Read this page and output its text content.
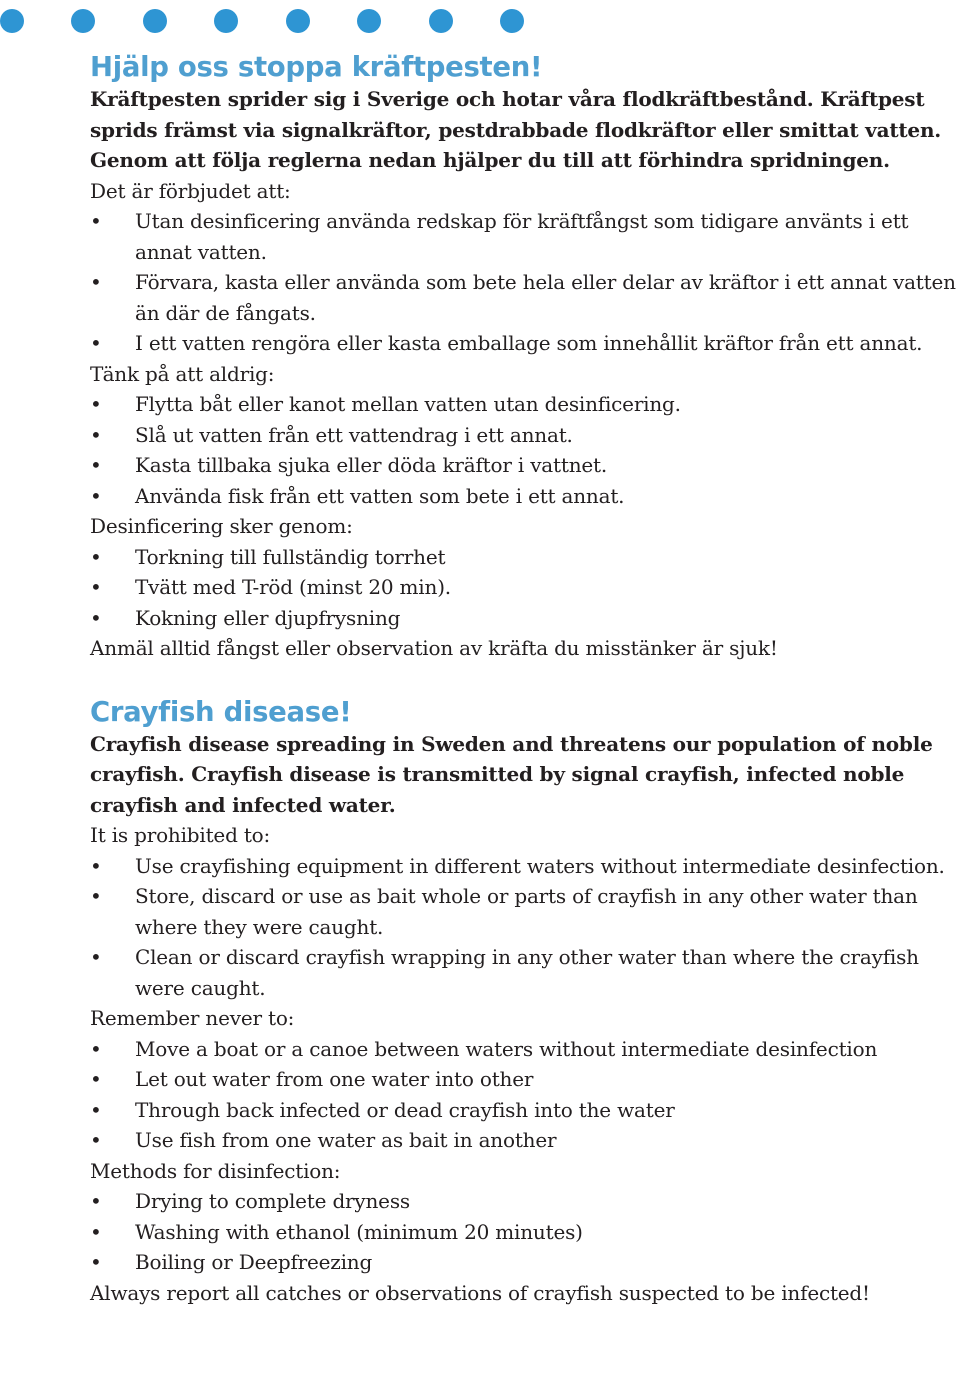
Hjälp oss stoppa kräftpesten!

Kräftpesten sprider sig i Sverige och hotar våra flodkräftbestånd. Kräftpest sprids främst via signalkräftor, pestdrabbade flodkräftor eller smittat vatten. Genom att följa reglerna nedan hjälper du till att förhindra spridningen.

Det är förbjudet att:

• Utan desinficering använda redskap för kräftfångst som tidigare använts i ett annat vatten.
• Förvara, kasta eller använda som bete hela eller delar av kräftor i ett annat vatten än där de fångats.
• I ett vatten rengöra eller kasta emballage som innehållit kräftor från ett annat.

Tänk på att aldrig:

• Flytta båt eller kanot mellan vatten utan desinficering.
• Slå ut vatten från ett vattendrag i ett annat.
• Kasta tillbaka sjuka eller döda kräftor i vattnet.
• Använda fisk från ett vatten som bete i ett annat.

Desinficering sker genom:

• Torkning till fullständig torrhet
• Tvätt med T-röd (minst 20 min).
• Kokning eller djupfrysning

Anmäl alltid fångst eller observation av kräfta du misstänker är sjuk!

Crayfish disease!

Crayfish disease spreading in Sweden and threatens our population of noble crayfish. Crayfish disease is transmitted by signal crayfish, infected noble crayfish and infected water.

It is prohibited to:

• Use crayfishing equipment in different waters without intermediate desinfection.
• Store, discard or use as bait whole or parts of crayfish in any other water than where they were caught.
• Clean or discard crayfish wrapping in any other water than where the crayfish were caught.

Remember never to:

• Move a boat or a canoe between waters without intermediate desinfection
• Let out water from one water into other
• Through back infected or dead crayfish into the water
• Use fish from one water as bait in another

Methods for disinfection:

• Drying to complete dryness
• Washing with ethanol (minimum 20 minutes)
• Boiling or Deepfreezing

Always report all catches or observations of crayfish suspected to be infected!
